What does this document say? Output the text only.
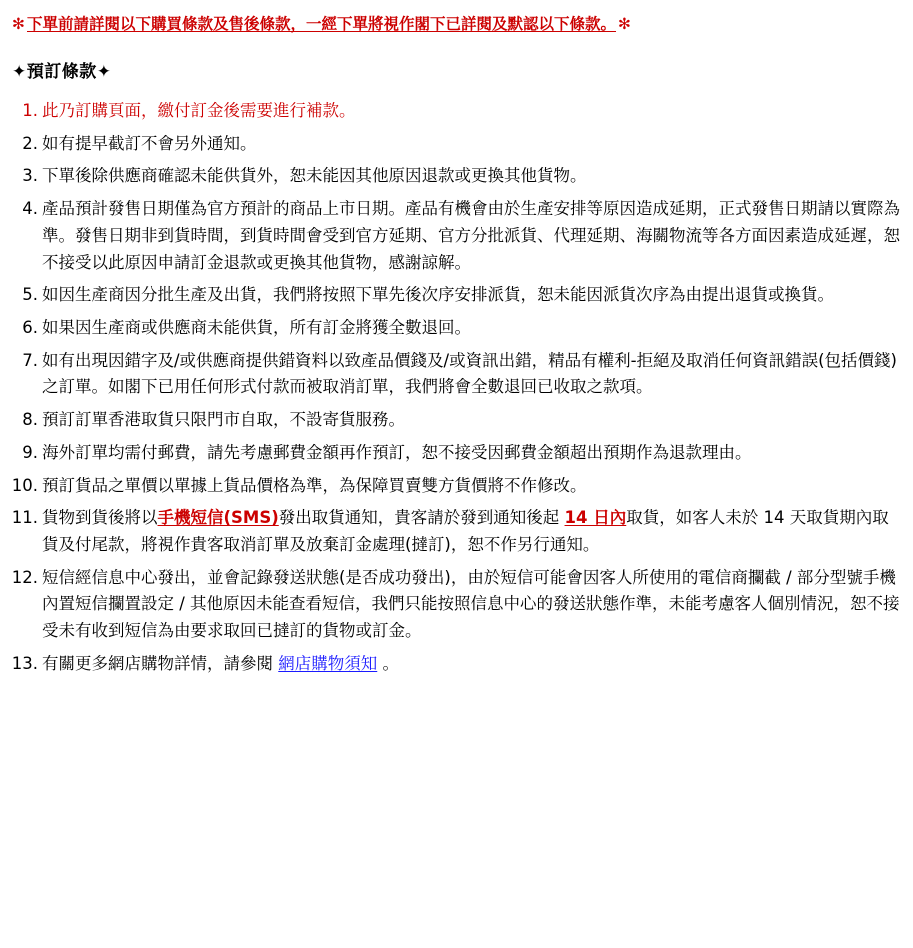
✻ 下單前請詳閱以下購買條款及售後條款，一經下單將視作閣下已詳閱及默認以下條款。 ✻
✦預訂條款✦
1. 此乃訂購頁面，繳付訂金後需要進行補款。
2. 如有提早截訂不會另外通知。
3. 下單後除供應商確認未能供貨外，恕未能因其他原因退款或更換其他貨物。
4. 產品預計發售日期僅為官方預計的商品上市日期。產品有機會由於生產安排等原因造成延期，正式發售日期請以實際為準。發售日期非到貨時間，到貨時間會受到官方延期、官方分批派貨、代理延期、海關物流等各方面因素造成延遲，恕不接受以此原因申請訂金退款或更換其他貨物，感謝諒解。
5. 如因生產商因分批生產及出貨，我們將按照下單先後次序安排派貨，恕未能因派貨次序為由提出退貨或換貨。
6. 如果因生產商或供應商未能供貨，所有訂金將獲全數退回。
7. 如有出現因錯字及/或供應商提供錯資料以致產品價錢及/或資訊出錯，精品有權利-拒絕及取消任何資訊錯誤(包括價錢)之訂單。如閣下已用任何形式付款而被取消訂單，我們將會全數退回已收取之款項。
8. 預訂訂單香港取貨只限門市自取，不設寄貨服務。
9. 海外訂單均需付郵費，請先考慮郵費金額再作預訂，恕不接受因郵費金額超出預期作為退款理由。
10. 預訂貨品之單價以單據上貨品價格為準，為保障買賣雙方貨價將不作修改。
11. 貨物到貨後將以手機短信(SMS)發出取貨通知，貴客請於發到通知後起 14 日內取貨，如客人未於 14 天取貨期內取貨及付尾款，將視作貴客取消訂單及放棄訂金處理(撻訂)，恕不作另行通知。
12. 短信經信息中心發出，並會記錄發送狀態(是否成功發出)，由於短信可能會因客人所使用的電信商攔截 / 部分型號手機內置短信攔置設定 / 其他原因未能查看短信，我們只能按照信息中心的發送狀態作準，未能考慮客人個別情況，恕不接受未有收到短信為由要求取回已撻訂的貨物或訂金。
13. 有關更多網店購物詳情，請參閱 網店購物須知 。
